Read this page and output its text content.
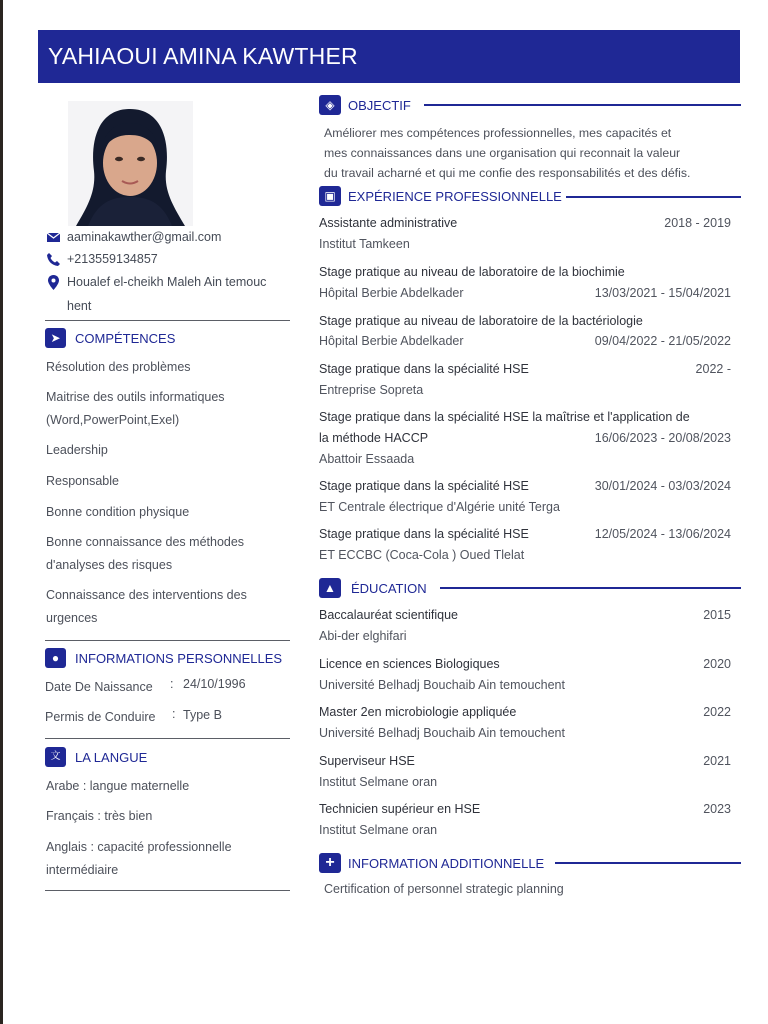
YAHIAOUI AMINA KAWTHER
aaminakawther@gmail.com
+213559134857
Houalef el-cheikh Maleh Ain temouc
hent
➤	COMPÉTENCES
Résolution des problèmes
Maitrise des outils informatiques
(Word,PowerPoint,Exel)
Leadership
Responsable
Bonne condition physique
Bonne connaissance des méthodes
d'analyses des risques
Connaissance des interventions des
urgences
●	INFORMATIONS PERSONNELLES
Date De Naissance	: 24/10/1996
Permis de Conduire	: Type B
文	LA LANGUE
Arabe : langue maternelle
Français : très bien
Anglais : capacité professionnelle
intermédiaire
◈	OBJECTIF
Améliorer mes compétences professionnelles, mes capacités et
mes connaissances dans une organisation qui reconnait la valeur
du travail acharné et qui me confie des responsabilités et des défis.
▣ EXPÉRIENCE PROFESSIONNELLE
Assistante administrative	2018 - 2019
Institut Tamkeen
Stage pratique au niveau de laboratoire de la biochimie
Hôpital Berbie Abdelkader	13/03/2021 - 15/04/2021
Stage pratique au niveau de laboratoire de la bactériologie
Hôpital Berbie Abdelkader	09/04/2022 - 21/05/2022
Stage pratique dans la spécialité HSE	2022 -
Entreprise Sopreta
Stage pratique dans la spécialité HSE la maîtrise et l'application de
la méthode HACCP	16/06/2023 - 20/08/2023
Abattoir Essaada
Stage pratique dans la spécialité HSE	30/01/2024 - 03/03/2024
ET Centrale électrique d'Algérie unité Terga
Stage pratique dans la spécialité HSE	12/05/2024 - 13/06/2024
ET ECCBC (Coca-Cola ) Oued Tlelat
▲	ÉDUCATION
Baccalauréat scientifique	2015
Abi-der elghifari
Licence en sciences Biologiques	2020
Université Belhadj Bouchaib Ain temouchent
Master 2en microbiologie appliquée	2022
Université Belhadj Bouchaib Ain temouchent
Superviseur HSE	2021
Institut Selmane oran
Technicien supérieur en HSE	2023
Institut Selmane oran
+	INFORMATION ADDITIONNELLE
Certification of personnel strategic planning
